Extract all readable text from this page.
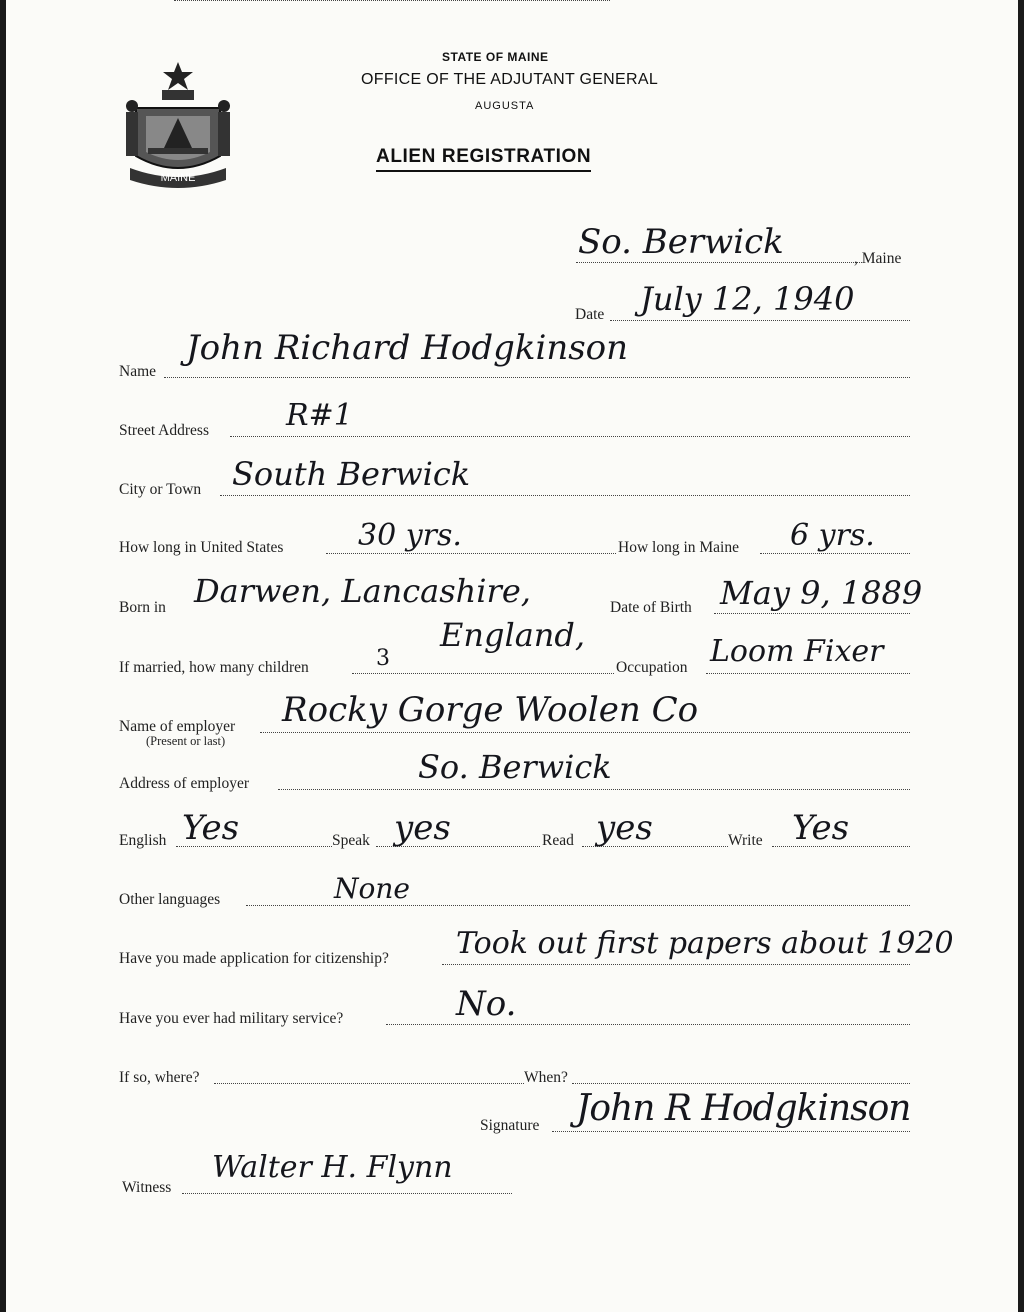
MAINE
STATE OF MAINE
OFFICE OF THE ADJUTANT GENERAL
AUGUSTA
ALIEN REGISTRATION
So. Berwick	, Maine
Date July 12, 1940
Name
John Richard Hodgkinson
Street Address	R#1
City or Town South Berwick
How long in United States 30 yrs.	How long in Maine 6 yrs.
Born in Darwen, Lancashire,	Date of Birth May 9, 1889
England,
If married, how many children	3	Occupation Loom Fixer
Name of employer
(Present or last)
Rocky Gorge Woolen Co
Address of employer	So. Berwick
English Yes	Speak yes	Read yes	Write Yes
Other languages	None
Have you made application for citizenship? Took out first papers about 1920
Have you ever had military service?	No.
If so, where?	When?
Signature John R Hodgkinson
Witness
Walter H. Flynn
